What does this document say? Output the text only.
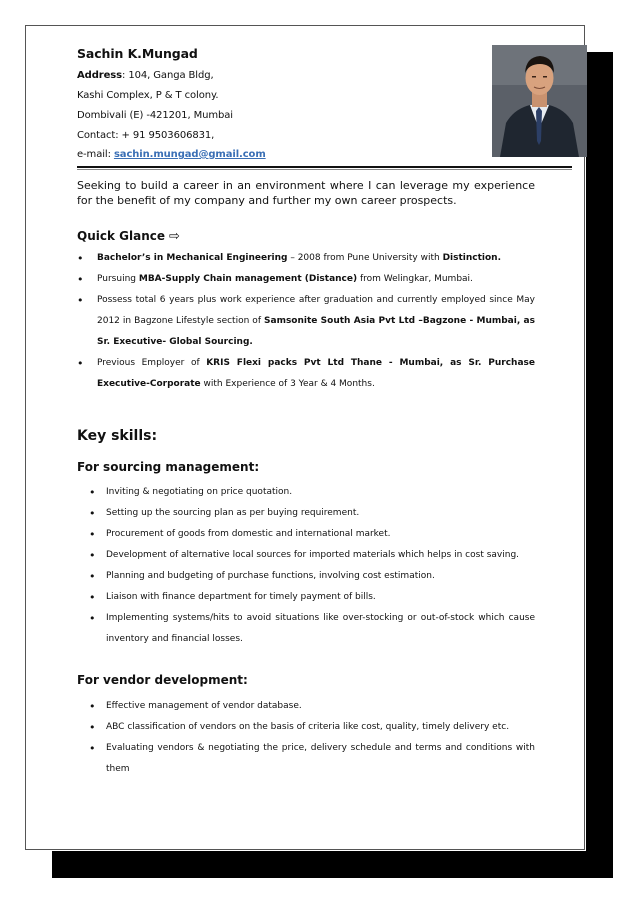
Sachin K.Mungad
Address: 104, Ganga Bldg,
Kashi Complex, P & T colony.
Dombivali (E) -421201, Mumbai
Contact: + 91 9503606831,
e-mail: sachin.mungad@gmail.com
Seeking to build a career in an environment where I can leverage my experience for the benefit of my company and further my own career prospects.
Quick Glance ⇨
• Bachelor’s in Mechanical Engineering – 2008 from Pune University with Distinction.
• Pursuing MBA-Supply Chain management (Distance) from Welingkar, Mumbai.
• Possess total 6 years plus work experience after graduation and currently employed since May 2012 in Bagzone Lifestyle section of Samsonite South Asia Pvt Ltd –Bagzone - Mumbai, as Sr. Executive- Global Sourcing.
• Previous Employer of KRIS Flexi packs Pvt Ltd Thane - Mumbai, as Sr. Purchase Executive-Corporate with Experience of 3 Year & 4 Months.
Key skills:
For sourcing management:
• Inviting & negotiating on price quotation.
• Setting up the sourcing plan as per buying requirement.
• Procurement of goods from domestic and international market.
• Development of alternative local sources for imported materials which helps in cost saving.
• Planning and budgeting of purchase functions, involving cost estimation.
• Liaison with finance department for timely payment of bills.
• Implementing systems/hits to avoid situations like over-stocking or out-of-stock which cause inventory and financial losses.
For vendor development:
• Effective management of vendor database.
• ABC classification of vendors on the basis of criteria like cost, quality, timely delivery etc.
• Evaluating vendors & negotiating the price, delivery schedule and terms and conditions with them
